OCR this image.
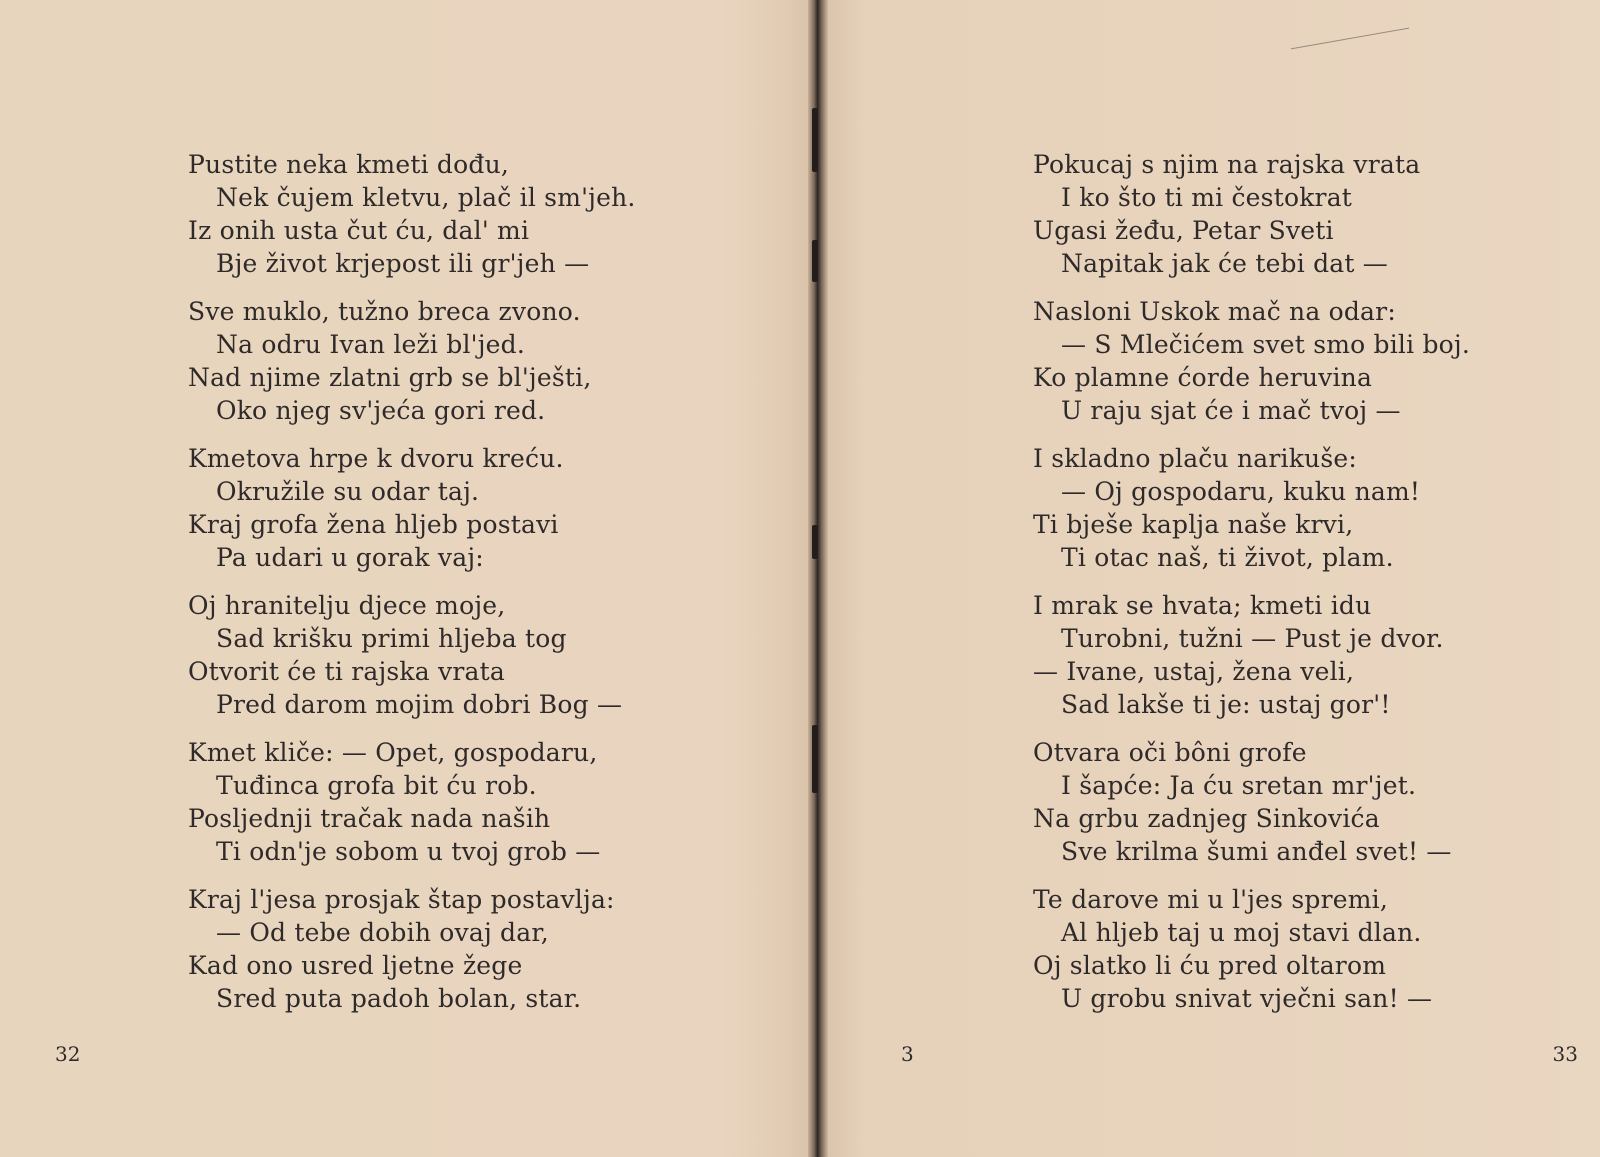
Pustite neka kmeti dođu,
Nek čujem kletvu, plač il sm'jeh.
Iz onih usta čut ću, dal' mi
Bje život krjepost ili gr'jeh —
Sve muklo, tužno breca zvono.
Na odru Ivan leži bl'jed.
Nad njime zlatni grb se bl'ješti,
Oko njeg sv'jeća gori red.
Kmetova hrpe k dvoru kreću.
Okružile su odar taj.
Kraj grofa žena hljeb postavi
Pa udari u gorak vaj:
Oj hranitelju djece moje,
Sad krišku primi hljeba tog
Otvorit će ti rajska vrata
Pred darom mojim dobri Bog —
Kmet kliče: — Opet, gospodaru,
Tuđinca grofa bit ću rob.
Posljednji tračak nada naših
Ti odn'je sobom u tvoj grob —
Kraj l'jesa prosjak štap postavlja:
— Od tebe dobih ovaj dar,
Kad ono usred ljetne žege
Sred puta padoh bolan, star.
32
Pokucaj s njim na rajska vrata
I ko što ti mi čestokrat
Ugasi žeđu, Petar Sveti
Napitak jak će tebi dat —
Nasloni Uskok mač na odar:
— S Mlečićem svet smo bili boj.
Ko plamne ćorde heruvina
U raju sjat će i mač tvoj —
I skladno plaču narikuše:
— Oj gospodaru, kuku nam!
Ti bješe kaplja naše krvi,
Ti otac naš, ti život, plam.
I mrak se hvata; kmeti idu
Turobni, tužni — Pust je dvor.
— Ivane, ustaj, žena veli,
Sad lakše ti je: ustaj gor'!
Otvara oči bôni grofe
I šapće: Ja ću sretan mr'jet.
Na grbu zadnjeg Sinkovića
Sve krilma šumi anđel svet! —
Te darove mi u l'jes spremi,
Al hljeb taj u moj stavi dlan.
Oj slatko li ću pred oltarom
U grobu snivat vječni san! —
33
3
